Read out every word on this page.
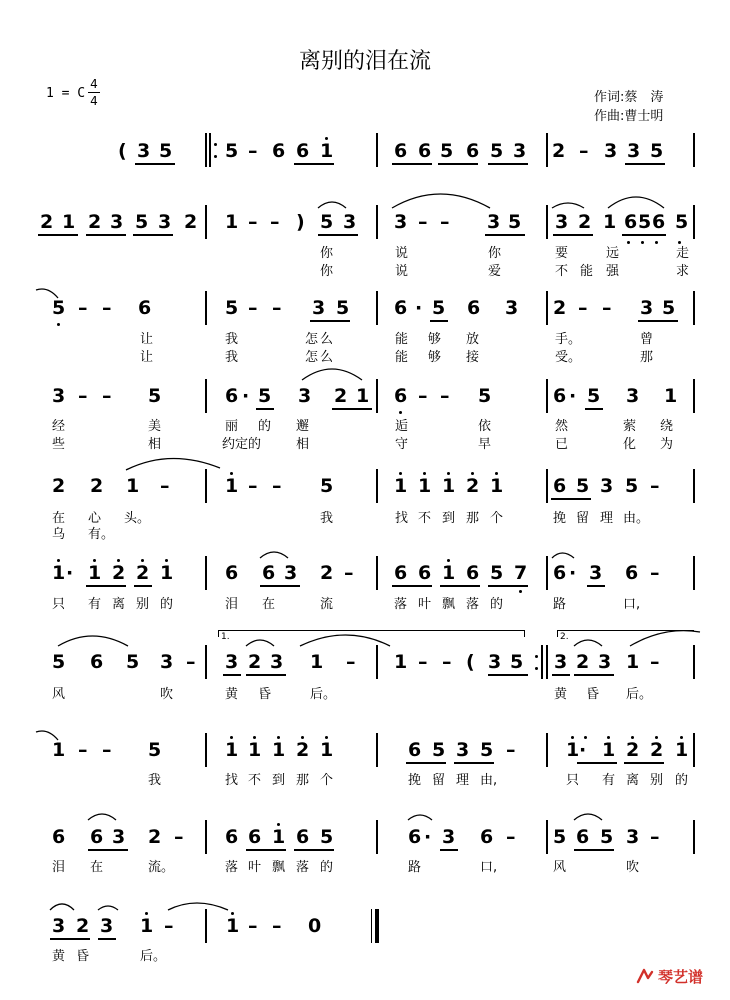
离别的泪在流
1 = C
4
4	作词:蔡　涛
作曲:曹士明
( 3 5	5 – 6 6 1	6 6 5 6 5 3 2 – 3 3 5
2 1 2 3 5 3 2 1 – – ) 5 3 3 – – 3 5 3 2 1 6 5 6 5
你	说	你	要	远	走
你	说	爱	不 能 强	求
5 – – 6	5 – – 3 5 6 · 5 6 3 2 – – 3 5
让	我	怎 么	能 够 放	手。	曾
让	我	怎 么	能 够 接	受。	那
3 – – 5	6 · 5 3 2 1 6 – – 5	6 · 5 3 1
经	美	丽 的 邂	逅	依	然	萦 绕
些	相	约定的	相	守	早	已	化 为
2 2 1 –	1 – – 5	1 1 1 2 1	6 5 3 5 –
在 心 头。	我	找 不 到 那 个	挽 留 理 由。
乌 有。
1 · 1 2 2 1	6 6 3 2 – 6 6 1 6 5 7 6 · 3 6 –
只 有 离 别 的	泪 在	流	落 叶 飘 落 的	路	口,
5 6 5 3 – 3 2 3 1 – 1 – – ( 3 5 3 2 3 1 –
1.	2.
风	吹	黄 昏	后。	黄 昏 后。
1 – – 5	1 1 1 2 1	6 5 3 5 –	1 · 1 2 2 1
我	找 不 到 那 个	挽 留 理 由,	只 有 离 别 的
6 6 3 2 – 6 6 1 6 5	6 · 3 6 – 5 6 5 3 –
泪 在	流。	落 叶 飘 落 的	路	口,	风	吹
3 2 3 1 –	1 – – 0
黄 昏	后。
琴艺谱
